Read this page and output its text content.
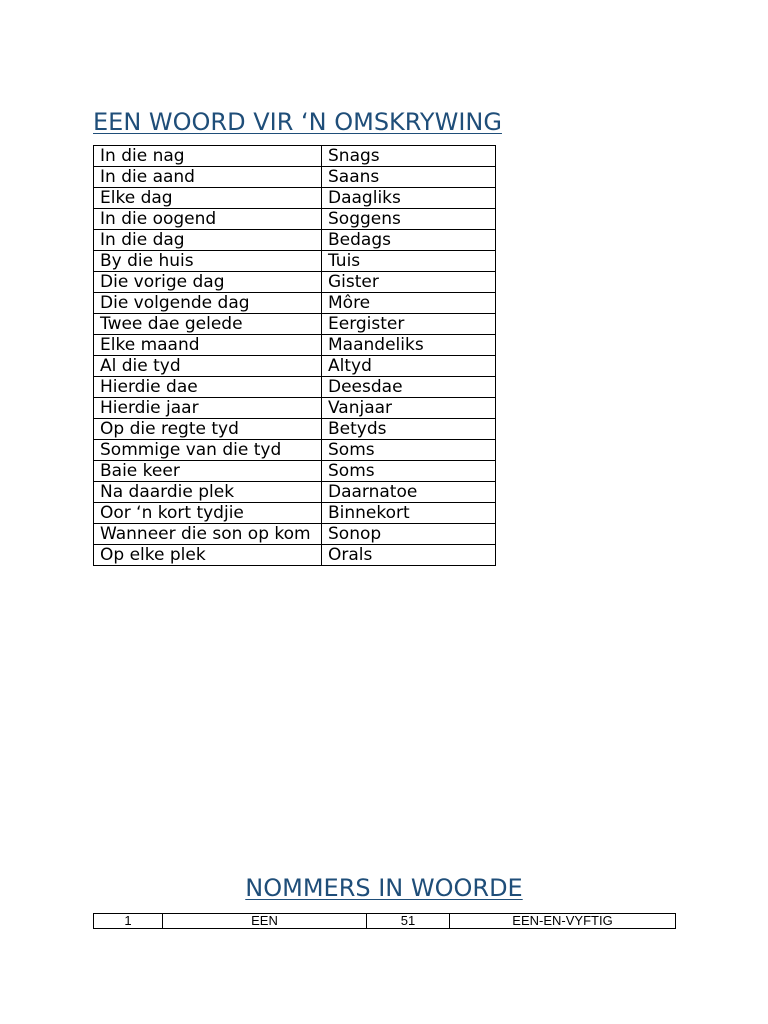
EEN WOORD VIR ‘N OMSKRYWING
In die nag	Snags
In die aand	Saans
Elke dag	Daagliks
In die oogend	Soggens
In die dag	Bedags
By die huis	Tuis
Die vorige dag	Gister
Die volgende dag	Môre
Twee dae gelede	Eergister
Elke maand	Maandeliks
Al die tyd	Altyd
Hierdie dae	Deesdae
Hierdie jaar	Vanjaar
Op die regte tyd	Betyds
Sommige van die tyd	Soms
Baie keer	Soms
Na daardie plek	Daarnatoe
Oor ‘n kort tydjie	Binnekort
Wanneer die son op kom	Sonop
Op elke plek	Orals
NOMMERS IN WOORDE
1	EEN	51	EEN-EN-VYFTIG
